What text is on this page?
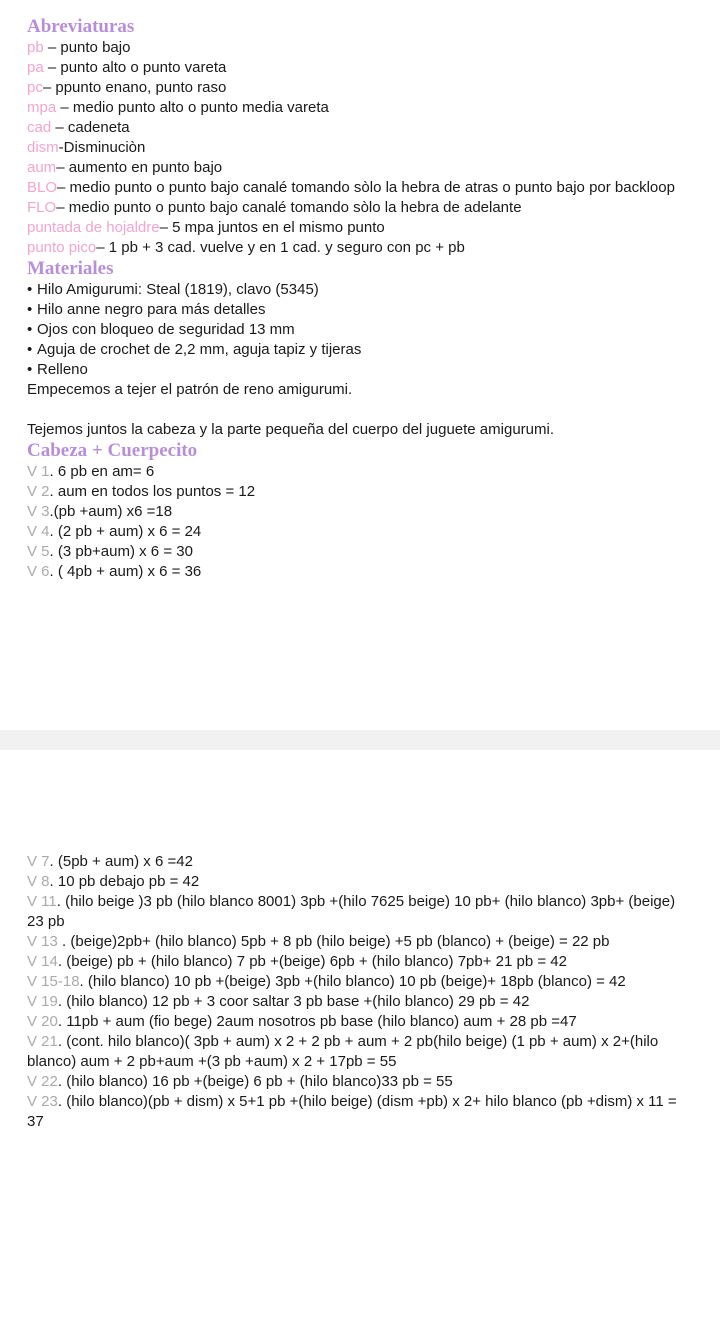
Abreviaturas
pb – punto bajo
pa – punto alto o punto vareta
pc– ppunto enano, punto raso
mpa – medio punto alto o punto media vareta
cad – cadeneta
dism-Disminuciòn
aum– aumento en punto bajo
BLO– medio punto o punto bajo canalé tomando sòlo la hebra de atras o punto bajo por backloop
FLO– medio punto o punto bajo canalé tomando sòlo la hebra de adelante
puntada de hojaldre– 5 mpa juntos en el mismo punto
punto pico– 1 pb + 3 cad. vuelve y en 1 cad. y seguro con pc + pb
Materiales
• Hilo Amigurumi: Steal (1819), clavo (5345)
• Hilo anne negro para más detalles
• Ojos con bloqueo de seguridad 13 mm
• Aguja de crochet de 2,2 mm, aguja tapiz y tijeras
• Relleno
Empecemos a tejer el patrón de reno amigurumi.
Tejemos juntos la cabeza y la parte pequeña del cuerpo del juguete amigurumi.
Cabeza + Cuerpecito
V 1. 6 pb en am= 6
V 2. aum en todos los puntos = 12
V 3.(pb +aum) x6 =18
V 4. (2 pb + aum) x 6 = 24
V 5. (3 pb+aum) x 6 = 30
V 6. ( 4pb + aum) x 6 = 36
V 7. (5pb + aum) x 6 =42
V 8. 10 pb debajo pb = 42
V 11. (hilo beige )3 pb (hilo blanco 8001) 3pb +(hilo 7625 beige) 10 pb+ (hilo blanco) 3pb+ (beige) 23 pb
V 13 . (beige)2pb+ (hilo blanco) 5pb + 8 pb (hilo beige) +5 pb (blanco) + (beige) = 22 pb
V 14. (beige) pb + (hilo blanco) 7 pb +(beige) 6pb + (hilo blanco) 7pb+ 21 pb = 42
V 15-18. (hilo blanco) 10 pb +(beige) 3pb +(hilo blanco) 10 pb (beige)+ 18pb (blanco) = 42
V 19. (hilo blanco) 12 pb + 3 coor saltar 3 pb base +(hilo blanco) 29 pb = 42
V 20. 11pb + aum (fio bege) 2aum nosotros pb base (hilo blanco) aum + 28 pb =47
V 21. (cont. hilo blanco)( 3pb + aum) x 2 + 2 pb + aum + 2 pb(hilo beige) (1 pb + aum) x 2+(hilo blanco) aum + 2 pb+aum +(3 pb +aum) x 2 + 17pb = 55
V 22. (hilo blanco) 16 pb +(beige) 6 pb + (hilo blanco)33 pb = 55
V 23. (hilo blanco)(pb + dism) x 5+1 pb +(hilo beige) (dism +pb) x 2+ hilo blanco (pb +dism) x 11 = 37
